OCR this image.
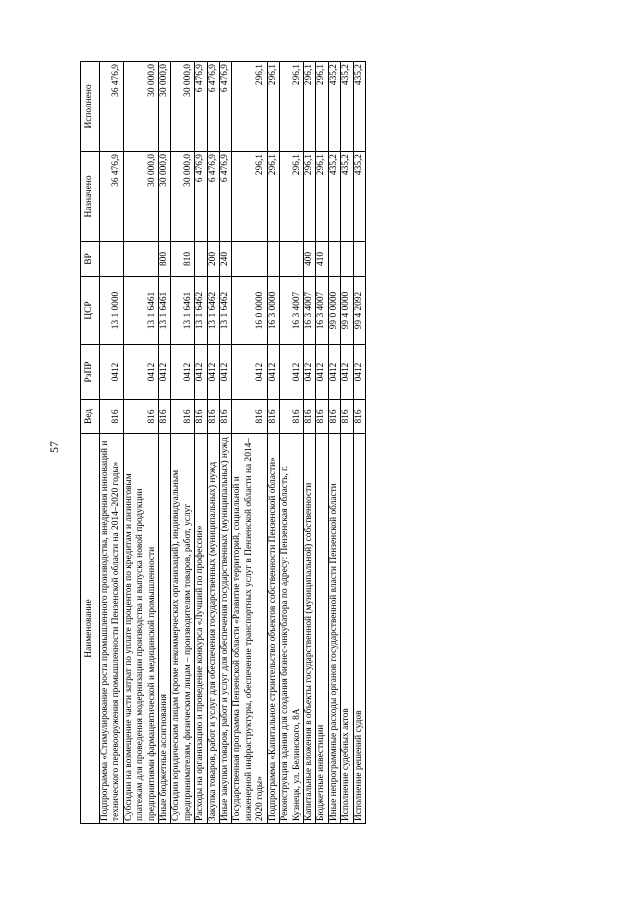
57
Наименование	Вед	РзПР	ЦСР	ВР	Назначено	Исполнено
Подпрограмма «Стимулирование роста промышленного производства, внедрения инноваций и технического перевооружения промышленности Пензенской области на 2014–2020 годы»	816	0412	13 1 0000		36 476,9	36 476,9
Субсидии на возмещение части затрат по уплате процентов по кредитам и лизинговым платежам для проведения модернизации производства и выпуска новой продукции предприятиями фармацевтической и медицинской промышленности	816	0412	13 1 6461		30 000,0	30 000,0
Иные бюджетные ассигнования	816	0412	13 1 6461	800	30 000,0	30 000,0
Субсидии юридическим лицам (кроме некоммерческих организаций), индивидуальным предпринимателям, физическим лицам – производителям товаров, работ, услуг	816	0412	13 1 6461	810	30 000,0	30 000,0
Расходы на организацию и проведение конкурса «Лучший по профессии»	816	0412	13 1 6462		6 476,9	6 476,9
Закупка товаров, работ и услуг для обеспечения государственных (муниципальных) нужд	816	0412	13 1 6462	200	6 476,9	6 476,9
Иные закупки товаров, работ и услуг для обеспечения государственных (муниципальных) нужд	816	0412	13 1 6462	240	6 476,9	6 476,9
Государственная программа Пензенской области «Развитие территорий, социальной и инженерной инфраструктуры, обеспечение транспортных услуг в Пензенской области на 2014–2020 годы»	816	0412	16 0 0000		296,1	296,1
Подпрограмма «Капитальное строительство объектов собственности Пензенской области»	816	0412	16 3 0000		296,1	296,1
Реконструкция здания для создания бизнес-инкубатора по адресу: Пензенская область, г. Кузнецк, ул. Белинского, 8А	816	0412	16 3 4007		296,1	296,1
Капитальные вложения в объекты государственной (муниципальной) собственности	816	0412	16 3 4007	400	296,1	296,1
Бюджетные инвестиции	816	0412	16 3 4007	410	296,1	296,1
Иные непрограммные расходы органов государственной власти Пензенской области	816	0412	99 0 0000		435,2	435,2
Исполнение судебных актов	816	0412	99 4 0000		435,2	435,2
Исполнение решений судов	816	0412	99 4 2092		435,2	435,2
